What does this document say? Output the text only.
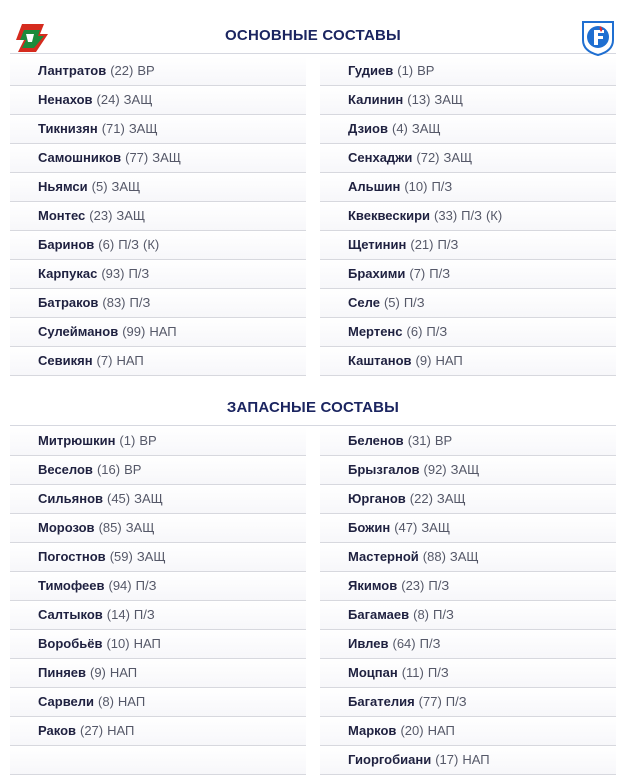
ОСНОВНЫЕ СОСТАВЫ
Лантратов (22) ВР
Ненахов (24) ЗАЩ
Тикнизян (71) ЗАЩ
Самошников (77) ЗАЩ
Ньямси (5) ЗАЩ
Монтес (23) ЗАЩ
Баринов (6) П/З (К)
Карпукас (93) П/З
Батраков (83) П/З
Сулейманов (99) НАП
Севикян (7) НАП
Гудиев (1) ВР
Калинин (13) ЗАЩ
Дзиов (4) ЗАЩ
Сенхаджи (72) ЗАЩ
Альшин (10) П/З
Квеквескири (33) П/З (К)
Щетинин (21) П/З
Брахими (7) П/З
Селе (5) П/З
Мертенс (6) П/З
Каштанов (9) НАП
ЗАПАСНЫЕ СОСТАВЫ
Митрюшкин (1) ВР
Веселов (16) ВР
Сильянов (45) ЗАЩ
Морозов (85) ЗАЩ
Погостнов (59) ЗАЩ
Тимофеев (94) П/З
Салтыков (14) П/З
Воробьёв (10) НАП
Пиняев (9) НАП
Сарвели (8) НАП
Раков (27) НАП
Беленов (31) ВР
Брызгалов (92) ЗАЩ
Юрганов (22) ЗАЩ
Божин (47) ЗАЩ
Мастерной (88) ЗАЩ
Якимов (23) П/З
Багамаев (8) П/З
Ивлев (64) П/З
Моцпан (11) П/З
Багателия (77) П/З
Марков (20) НАП
Гиоргобиани (17) НАП
